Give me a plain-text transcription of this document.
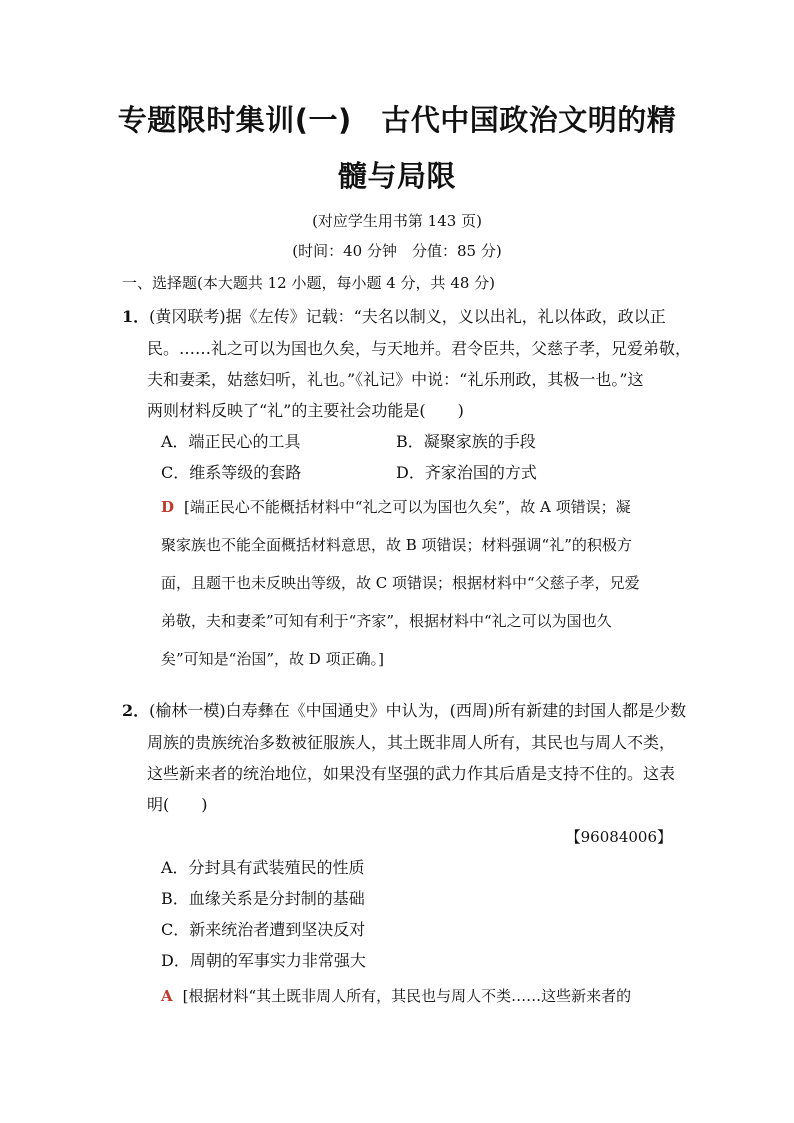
专题限时集训(一)　古代中国政治文明的精
髓与局限
(对应学生用书第 143 页)
(时间：40 分钟　分值：85 分)
一、选择题(本大题共 12 小题，每小题 4 分，共 48 分)
1．(黄冈联考)据《左传》记载：“夫名以制义，义以出礼，礼以体政，政以正
民。……礼之可以为国也久矣，与天地并。君令臣共，父慈子孝，兄爱弟敬，
夫和妻柔，姑慈妇听，礼也。”《礼记》中说：“礼乐刑政，其极一也。”这
两则材料反映了“礼”的主要社会功能是(　　)
A．端正民心的工具	B．凝聚家族的手段
C．维系等级的套路	D．齐家治国的方式
D [端正民心不能概括材料中“礼之可以为国也久矣”，故 A 项错误；凝
聚家族也不能全面概括材料意思，故 B 项错误；材料强调“礼”的积极方
面，且题干也未反映出等级，故 C 项错误；根据材料中“父慈子孝，兄爱
弟敬，夫和妻柔”可知有利于“齐家”，根据材料中“礼之可以为国也久
矣”可知是“治国”，故 D 项正确。]
2．(榆林一模)白寿彝在《中国通史》中认为，(西周)所有新建的封国人都是少数
周族的贵族统治多数被征服族人，其土既非周人所有，其民也与周人不类，
这些新来者的统治地位，如果没有坚强的武力作其后盾是支持不住的。这表
明(　　)
【96084006】
A．分封具有武装殖民的性质
B．血缘关系是分封制的基础
C．新来统治者遭到坚决反对
D．周朝的军事实力非常强大
A [根据材料“其土既非周人所有，其民也与周人不类……这些新来者的
